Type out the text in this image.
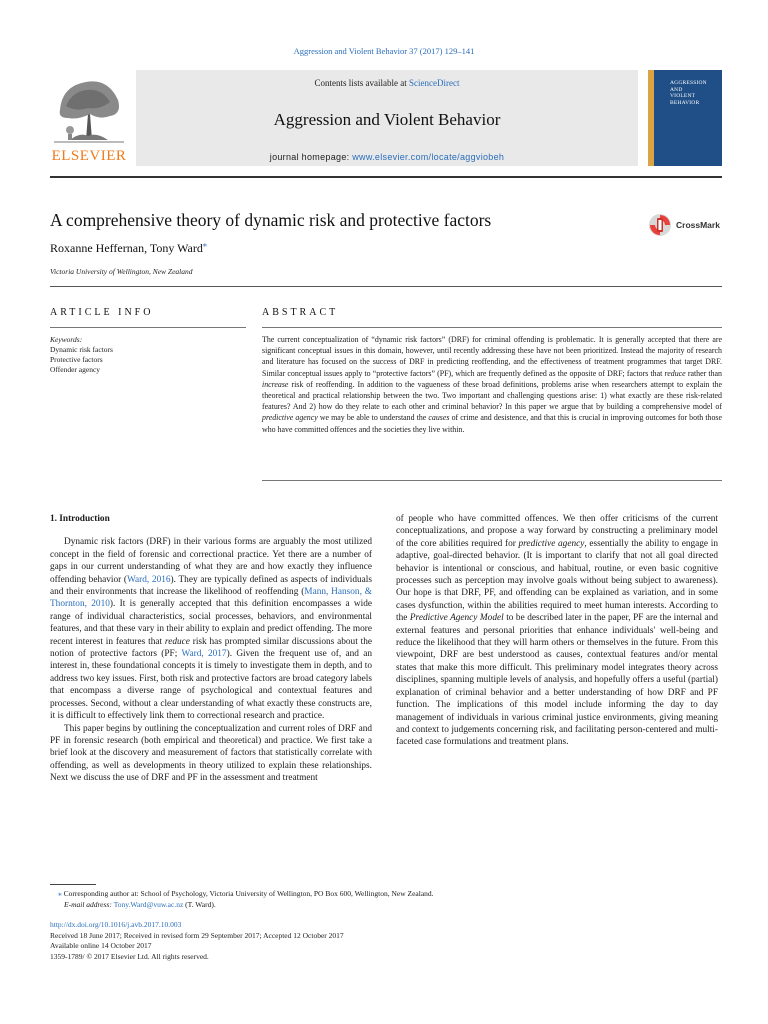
Aggression and Violent Behavior 37 (2017) 129–141
ELSEVIER
Contents lists available at ScienceDirect
Aggression and Violent Behavior
journal homepage: www.elsevier.com/locate/aggviobeh
AGGRESSION
AND
VIOLENT
BEHAVIOR
A comprehensive theory of dynamic risk and protective factors	CrossMark
Roxanne Heffernan, Tony Ward⁎
Victoria University of Wellington, New Zealand
ARTICLE INFO	ABSTRACT
Keywords:
Dynamic risk factors
Protective factors
Offender agency
The current conceptualization of “dynamic risk factors” (DRF) for criminal offending is problematic. It is generally accepted that there are significant conceptual issues in this domain, however, until recently addressing these have not been prioritized. Instead the majority of research and literature has focused on the success of DRF in predicting reoffending, and the effectiveness of treatment programmes that target DRF. Similar conceptual issues apply to “protective factors” (PF), which are frequently defined as the opposite of DRF; factors that reduce rather than increase risk of reoffending. In addition to the vagueness of these broad definitions, problems arise when researchers attempt to explain the theoretical and practical relationship between the two. Two important and challenging questions arise: 1) what exactly are these risk-related features? And 2) how do they relate to each other and criminal behavior? In this paper we argue that by building a comprehensive model of predictive agency we may be able to understand the causes of crime and desistence, and that this is crucial in improving outcomes for both those who have committed offences and the societies they live within.
1. Introduction

Dynamic risk factors (DRF) in their various forms are arguably the most utilized concept in the field of forensic and correctional practice. Yet there are a number of gaps in our current understanding of what they are and how exactly they influence offending behavior (Ward, 2016). They are typically defined as aspects of individuals and their environments that increase the likelihood of reoffending (Mann, Hanson, & Thornton, 2010). It is generally accepted that this definition encompasses a wide range of individual characteristics, social processes, behaviors, and environmental features, and that these vary in their ability to explain and predict offending. The more recent interest in features that reduce risk has prompted similar discussions about the notion of protective factors (PF; Ward, 2017). Given the frequent use of, and an interest in, these foundational concepts it is timely to investigate them in depth, and to address two key issues. First, both risk and protective factors are broad category labels that encompass a diverse range of psychological and contextual features and processes. Second, without a clear understanding of what exactly these constructs are, it is difficult to effectively link them to correctional research and practice.

This paper begins by outlining the conceptualization and current roles of DRF and PF in forensic research (both empirical and theoretical) and practice. We first take a brief look at the discovery and measurement of factors that statistically correlate with offending, as well as developments in theory utilized to explain these relationships. Next we discuss the use of DRF and PF in the assessment and treatment

of people who have committed offences. We then offer criticisms of the current conceptualizations, and propose a way forward by constructing a preliminary model of the core abilities required for predictive agency, essentially the ability to engage in adaptive, goal-directed behavior. (It is important to clarify that not all goal directed behavior is intentional or conscious, and habitual, routine, or even basic cognitive processes such as perception may involve goals without being subject to awareness). Our hope is that DRF, PF, and offending can be explained as variation, and in some cases dysfunction, within the abilities required to meet human interests. According to the Predictive Agency Model to be described later in the paper, PF are the internal and external features and personal priorities that enhance individuals' well-being and reduce the likelihood that they will harm others or themselves in the future. From this viewpoint, DRF are best understood as causes, contextual features and/or mental states that make this more difficult. This preliminary model integrates theory across disciplines, spanning multiple levels of analysis, and hopefully offers a useful (partial) explanation of criminal behavior and a better understanding of how DRF and PF function. The implications of this model include informing the day to day management of individuals in various criminal justice environments, giving meaning and context to judgements concerning risk, and facilitating person-centered and multi-faceted case formulations and treatment plans.

⁎ Corresponding author at: School of Psychology, Victoria University of Wellington, PO Box 600, Wellington, New Zealand.
E-mail address: Tony.Ward@vuw.ac.nz (T. Ward).
http://dx.doi.org/10.1016/j.avb.2017.10.003
Received 18 June 2017; Received in revised form 29 September 2017; Accepted 12 October 2017
Available online 14 October 2017
1359-1789/ © 2017 Elsevier Ltd. All rights reserved.
